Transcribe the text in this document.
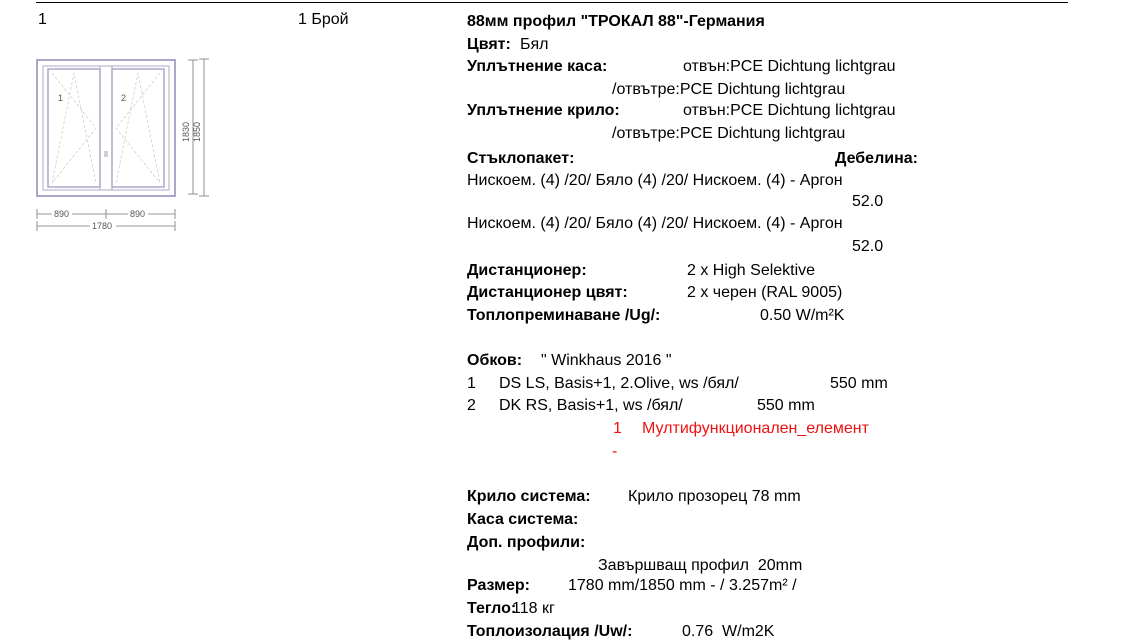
1	1 Брой
1	2
1830 1850
890	890
1780
88мм профил "ТРОКАЛ 88"-Германия
Цвят: Бял
Уплътнение каса:	отвън:PCE Dichtung lichtgrau
/отвътре:PCE Dichtung lichtgrau
Уплътнение крило:	отвън:PCE Dichtung lichtgrau
/отвътре:PCE Dichtung lichtgrau
Стъклопакет:	Дебелина:
Нискоем. (4) /20/ Бяло (4) /20/ Нискоем. (4) - Аргон
52.0
Нискоем. (4) /20/ Бяло (4) /20/ Нискоем. (4) - Аргон
52.0
Дистанционер:	2 x High Selektive
Дистанционер цвят:	2 x черен (RAL 9005)
Топлопреминаване /Ug/:	0.50 W/m²K
Обков: " Winkhaus 2016 "
1 DS LS, Basis+1, 2.Olive, ws /бял/	550 mm
2 DK RS, Basis+1, ws /бял/	550 mm
1 Мултифункционален_елемент
-
Крило система: Крило прозорец 78 mm
Каса система:
Доп. профили:
Завършващ профил  20mm
Размер: 1780 mm/1850 mm - / 3.257m² /
Тегло:
118 кг
Топлоизолация /Uw/:	0.76  W/m2K
